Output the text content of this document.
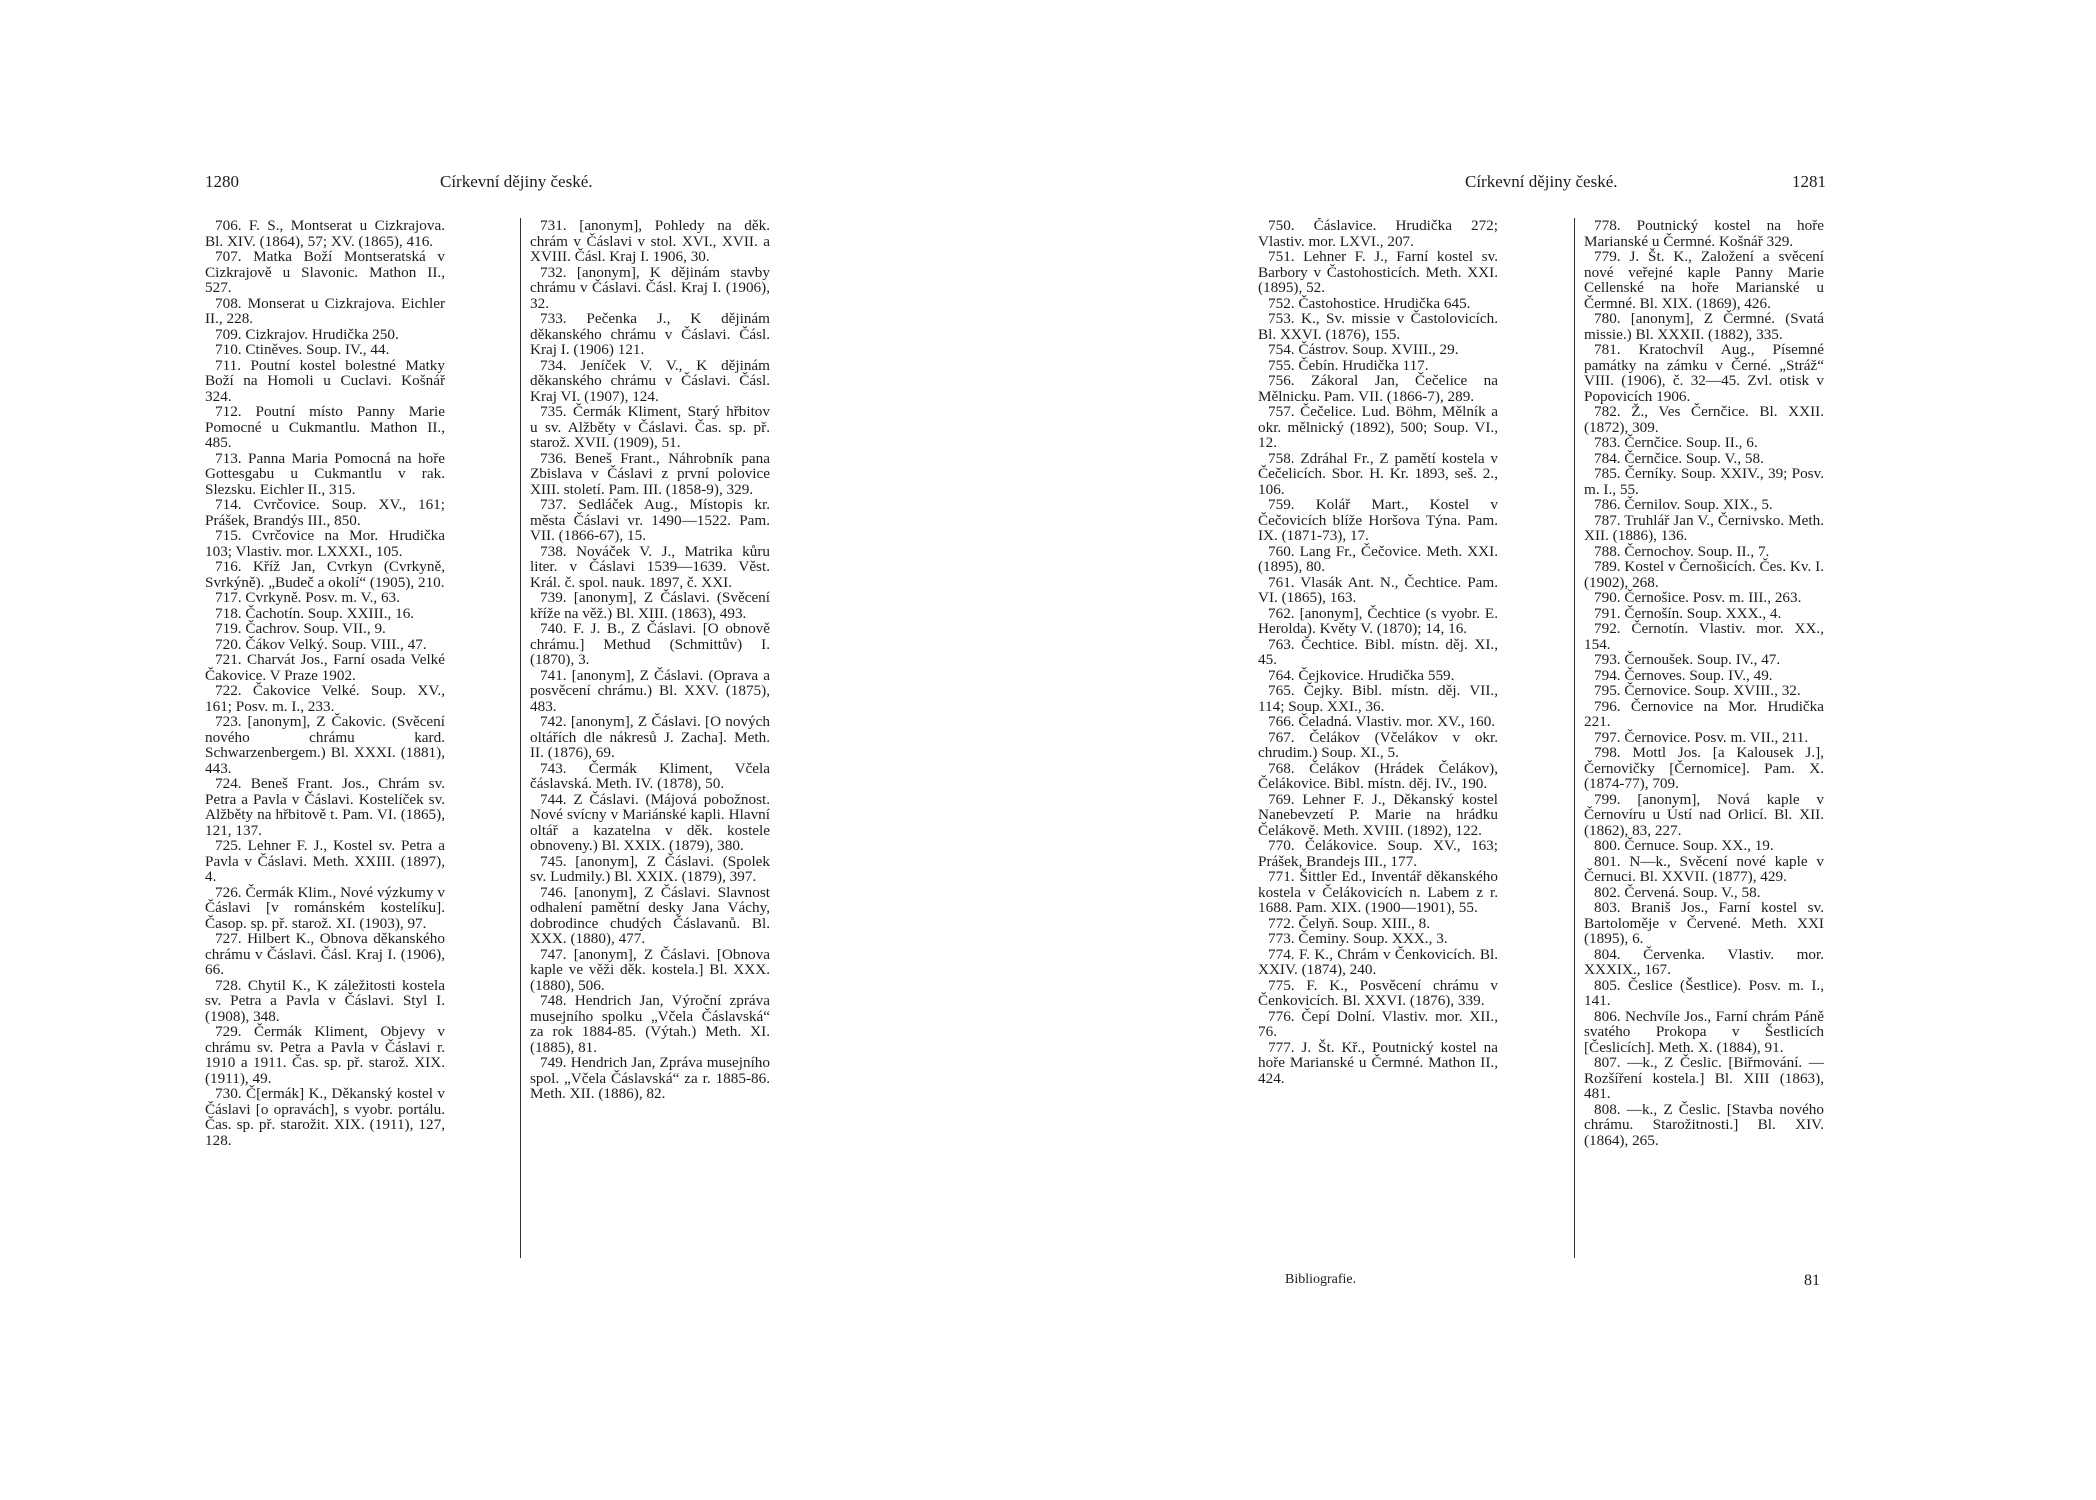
1280	Církevní dějiny české.

706. F. S., Montserat u Cizkrajova. Bl. XIV. (1864), 57; XV. (1865), 416.

707. Matka Boží Montseratská v Cizkrajově u Slavonic. Mathon II., 527.

708. Monserat u Cizkrajova. Eichler II., 228.

709. Cizkrajov. Hrudička 250.

710. Ctiněves. Soup. IV., 44.

711. Poutní kostel bolestné Matky Boží na Homoli u Cuclavi. Košnář 324.

712. Poutní místo Panny Marie Pomocné u Cukmantlu. Mathon II., 485.

713. Panna Maria Pomocná na hoře Gottesgabu u Cukmantlu v rak. Slezsku. Eichler II., 315.

714. Cvrčovice. Soup. XV., 161; Prášek, Brandýs III., 850.

715. Cvrčovice na Mor. Hrudička 103; Vlastiv. mor. LXXXI., 105.

716. Kříž Jan, Cvrkyn (Cvrkyně, Svrkýně). „Budeč a okolí“ (1905), 210.

717. Cvrkyně. Posv. m. V., 63.

718. Čachotín. Soup. XXIII., 16.

719. Čachrov. Soup. VII., 9.

720. Čákov Velký. Soup. VIII., 47.

721. Charvát Jos., Farní osada Velké Čakovice. V Praze 1902.

722. Čakovice Velké. Soup. XV., 161; Posv. m. I., 233.

723. [anonym], Z Čakovic. (Svěcení nového chrámu kard. Schwarzenbergem.) Bl. XXXI. (1881), 443.

724. Beneš Frant. Jos., Chrám sv. Petra a Pavla v Čáslavi. Kostelíček sv. Alžběty na hřbitově t. Pam. VI. (1865), 121, 137.

725. Lehner F. J., Kostel sv. Petra a Pavla v Čáslavi. Meth. XXIII. (1897), 4.

726. Čermák Klim., Nové výzkumy v Čáslavi [v románském kostelíku]. Časop. sp. př. starož. XI. (1903), 97.

727. Hilbert K., Obnova děkanského chrámu v Čáslavi. Čásl. Kraj I. (1906), 66.

728. Chytil K., K záležitosti kostela sv. Petra a Pavla v Čáslavi. Styl I. (1908), 348.

729. Čermák Kliment, Objevy v chrámu sv. Petra a Pavla v Čáslavi r. 1910 a 1911. Čas. sp. př. starož. XIX. (1911), 49.

730. Č[ermák] K., Děkanský kostel v Čáslavi [o opravách], s vyobr. portálu. Čas. sp. př. starožit. XIX. (1911), 127, 128.

731. [anonym], Pohledy na děk. chrám v Čáslavi v stol. XVI., XVII. a XVIII. Čásl. Kraj I. 1906, 30.

732. [anonym], K dějinám stavby chrámu v Čáslavi. Čásl. Kraj I. (1906), 32.

733. Pečenka J., K dějinám děkanského chrámu v Čáslavi. Čásl. Kraj I. (1906) 121.

734. Jeníček V. V., K dějinám děkanského chrámu v Čáslavi. Čásl. Kraj VI. (1907), 124.

735. Čermák Kliment, Starý hřbitov u sv. Alžběty v Čáslavi. Čas. sp. př. starož. XVII. (1909), 51.

736. Beneš Frant., Náhrobník pana Zbislava v Čáslavi z první polovice XIII. století. Pam. III. (1858-9), 329.

737. Sedláček Aug., Místopis kr. města Čáslavi vr. 1490—1522. Pam. VII. (1866-67), 15.

738. Nováček V. J., Matrika kůru liter. v Čáslavi 1539—1639. Věst. Král. č. spol. nauk. 1897, č. XXI.

739. [anonym], Z Čáslavi. (Svěcení kříže na věž.) Bl. XIII. (1863), 493.

740. F. J. B., Z Čáslavi. [O obnově chrámu.] Methud (Schmittův) I. (1870), 3.

741. [anonym], Z Čáslavi. (Oprava a posvěcení chrámu.) Bl. XXV. (1875), 483.

742. [anonym], Z Čáslavi. [O nových oltářích dle nákresů J. Zacha]. Meth. II. (1876), 69.

743. Čermák Kliment, Včela čáslavská. Meth. IV. (1878), 50.

744. Z Čáslavi. (Májová pobožnost. Nové svícny v Mariánské kapli. Hlavní oltář a kazatelna v děk. kostele obnoveny.) Bl. XXIX. (1879), 380.

745. [anonym], Z Čáslavi. (Spolek sv. Ludmily.) Bl. XXIX. (1879), 397.

746. [anonym], Z Čáslavi. Slavnost odhalení pamětní desky Jana Váchy, dobrodince chudých Čáslavanů. Bl. XXX. (1880), 477.

747. [anonym], Z Čáslavi. [Obnova kaple ve věži děk. kostela.] Bl. XXX. (1880), 506.

748. Hendrich Jan, Výroční zpráva musejního spolku „Včela Čáslavská“ za rok 1884-85. (Výtah.) Meth. XI. (1885), 81.

749. Hendrich Jan, Zpráva musejního spol. „Včela Čáslavská“ za r. 1885-86. Meth. XII. (1886), 82.

Církevní dějiny české.	1281

750. Čáslavice. Hrudička 272; Vlastiv. mor. LXVI., 207.

751. Lehner F. J., Farní kostel sv. Barbory v Častohosticích. Meth. XXI. (1895), 52.

752. Častohostice. Hrudička 645.

753. K., Sv. missie v Častolovicích. Bl. XXVI. (1876), 155.

754. Částrov. Soup. XVIII., 29.

755. Čebín. Hrudička 117.

756. Zákoral Jan, Čečelice na Mělnicku. Pam. VII. (1866-7), 289.

757. Čečelice. Lud. Böhm, Mělník a okr. mělnický (1892), 500; Soup. VI., 12.

758. Zdráhal Fr., Z pamětí kostela v Čečelicích. Sbor. H. Kr. 1893, seš. 2., 106.

759. Kolář Mart., Kostel v Čečovicích blíže Horšova Týna. Pam. IX. (1871-73), 17.

760. Lang Fr., Čečovice. Meth. XXI. (1895), 80.

761. Vlasák Ant. N., Čechtice. Pam. VI. (1865), 163.

762. [anonym], Čechtice (s vyobr. E. Herolda). Květy V. (1870); 14, 16.

763. Čechtice. Bibl. místn. děj. XI., 45.

764. Čejkovice. Hrudička 559.

765. Čejky. Bibl. místn. děj. VII., 114; Soup. XXI., 36.

766. Čeladná. Vlastiv. mor. XV., 160.

767. Čelákov (Včelákov v okr. chrudim.) Soup. XI., 5.

768. Čelákov (Hrádek Čelákov), Čelákovice. Bibl. místn. děj. IV., 190.

769. Lehner F. J., Děkanský kostel Nanebevzetí P. Marie na hrádku Čelákově. Meth. XVIII. (1892), 122.

770. Čelákovice. Soup. XV., 163; Prášek, Brandejs III., 177.

771. Šittler Ed., Inventář děkanského kostela v Čelákovicích n. Labem z r. 1688. Pam. XIX. (1900—1901), 55.

772. Čelyň. Soup. XIII., 8.

773. Čeminy. Soup. XXX., 3.

774. F. K., Chrám v Čenkovicích. Bl. XXIV. (1874), 240.

775. F. K., Posvěcení chrámu v Čenkovicích. Bl. XXVI. (1876), 339.

776. Čepí Dolní. Vlastiv. mor. XII., 76.

777. J. Št. Kř., Poutnický kostel na hoře Marianské u Čermné. Mathon II., 424.

778. Poutnický kostel na hoře Marianské u Čermné. Košnář 329.

779. J. Št. K., Založení a svěcení nové veřejné kaple Panny Marie Cellenské na hoře Marianské u Čermné. Bl. XIX. (1869), 426.

780. [anonym], Z Čermné. (Svatá missie.) Bl. XXXII. (1882), 335.

781. Kratochvíl Aug., Písemné památky na zámku v Černé. „Stráž“ VIII. (1906), č. 32—45. Zvl. otisk v Popovicích 1906.

782. Ž., Ves Černčice. Bl. XXII. (1872), 309.

783. Černčice. Soup. II., 6.

784. Černčice. Soup. V., 58.

785. Černíky. Soup. XXIV., 39; Posv. m. I., 55.

786. Černilov. Soup. XIX., 5.

787. Truhlář Jan V., Černivsko. Meth. XII. (1886), 136.

788. Černochov. Soup. II., 7.

789. Kostel v Černošicích. Čes. Kv. I. (1902), 268.

790. Černošice. Posv. m. III., 263.

791. Černošín. Soup. XXX., 4.

792. Černotín. Vlastiv. mor. XX., 154.

793. Černoušek. Soup. IV., 47.

794. Černoves. Soup. IV., 49.

795. Černovice. Soup. XVIII., 32.

796. Černovice na Mor. Hrudička 221.

797. Černovice. Posv. m. VII., 211.

798. Mottl Jos. [a Kalousek J.], Černovičky [Černomice]. Pam. X. (1874-77), 709.

799. [anonym], Nová kaple v Černovíru u Ústí nad Orlicí. Bl. XII. (1862), 83, 227.

800. Černuce. Soup. XX., 19.

801. N—k., Svěcení nové kaple v Černuci. Bl. XXVII. (1877), 429.

802. Červená. Soup. V., 58.

803. Braniš Jos., Farní kostel sv. Bartoloměje v Červené. Meth. XXI (1895), 6.

804. Červenka. Vlastiv. mor. XXXIX., 167.

805. Česlice (Šestlice). Posv. m. I., 141.

806. Nechvíle Jos., Farní chrám Páně svatého Prokopa v Šestlicích [Česlicích]. Meth. X. (1884), 91.

807. —k., Z Česlic. [Biřmování. — Rozšíření kostela.] Bl. XIII (1863), 481.

808. —k., Z Česlic. [Stavba nového chrámu. Starožitnosti.] Bl. XIV. (1864), 265.

Bibliografie.	81
